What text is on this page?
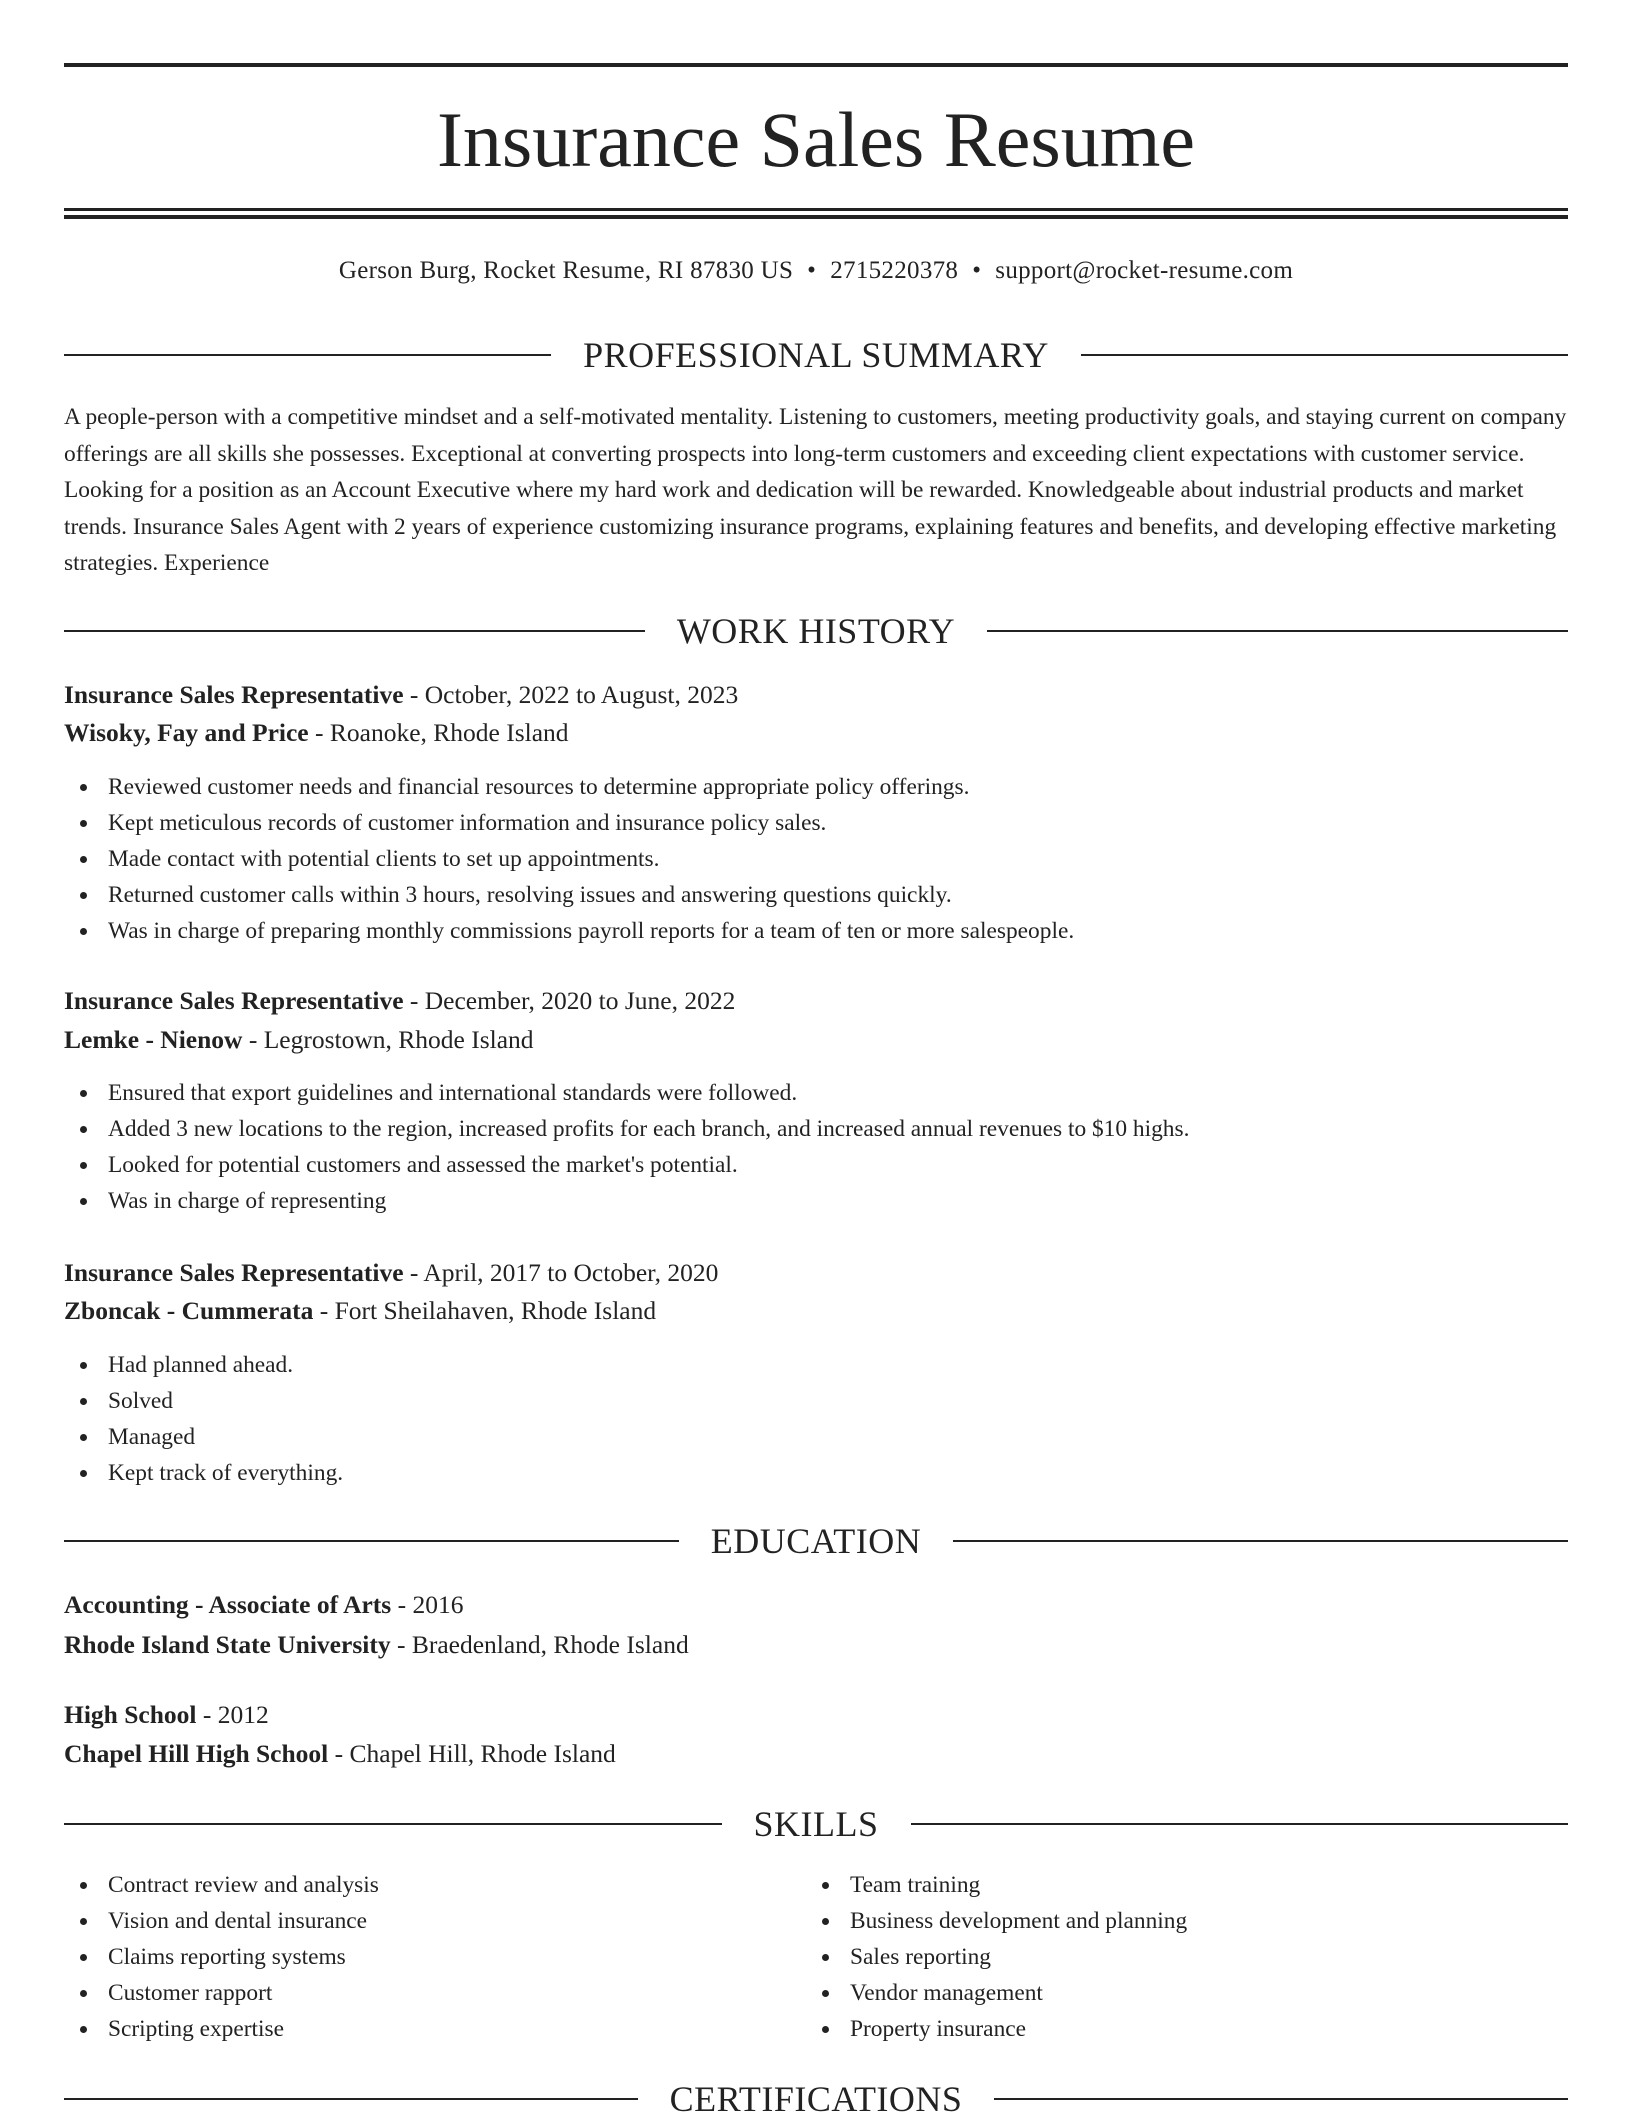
Insurance Sales Resume
Gerson Burg, Rocket Resume, RI 87830 US • 2715220378 • support@rocket-resume.com
PROFESSIONAL SUMMARY

A people-person with a competitive mindset and a self-motivated mentality. Listening to customers, meeting productivity goals, and staying current on company offerings are all skills she possesses. Exceptional at converting prospects into long-term customers and exceeding client expectations with customer service. Looking for a position as an Account Executive where my hard work and dedication will be rewarded. Knowledgeable about industrial products and market trends. Insurance Sales Agent with 2 years of experience customizing insurance programs, explaining features and benefits, and developing effective marketing strategies. Experience

WORK HISTORY
Insurance Sales Representative - October, 2022 to August, 2023
Wisoky, Fay and Price - Roanoke, Rhode Island
Reviewed customer needs and financial resources to determine appropriate policy offerings.
Kept meticulous records of customer information and insurance policy sales.
Made contact with potential clients to set up appointments.
Returned customer calls within 3 hours, resolving issues and answering questions quickly.
Was in charge of preparing monthly commissions payroll reports for a team of ten or more salespeople.
Insurance Sales Representative - December, 2020 to June, 2022
Lemke - Nienow - Legrostown, Rhode Island
Ensured that export guidelines and international standards were followed.
Added 3 new locations to the region, increased profits for each branch, and increased annual revenues to $10 highs.
Looked for potential customers and assessed the market's potential.
Was in charge of representing
Insurance Sales Representative - April, 2017 to October, 2020
Zboncak - Cummerata - Fort Sheilahaven, Rhode Island
Had planned ahead.
Solved
Managed
Kept track of everything.
EDUCATION
Accounting - Associate of Arts - 2016
Rhode Island State University - Braedenland, Rhode Island
High School - 2012
Chapel Hill High School - Chapel Hill, Rhode Island
SKILLS
Contract review and analysis
Vision and dental insurance
Claims reporting systems
Customer rapport
Scripting expertise
Team training
Business development and planning
Sales reporting
Vendor management
Property insurance
CERTIFICATIONS
